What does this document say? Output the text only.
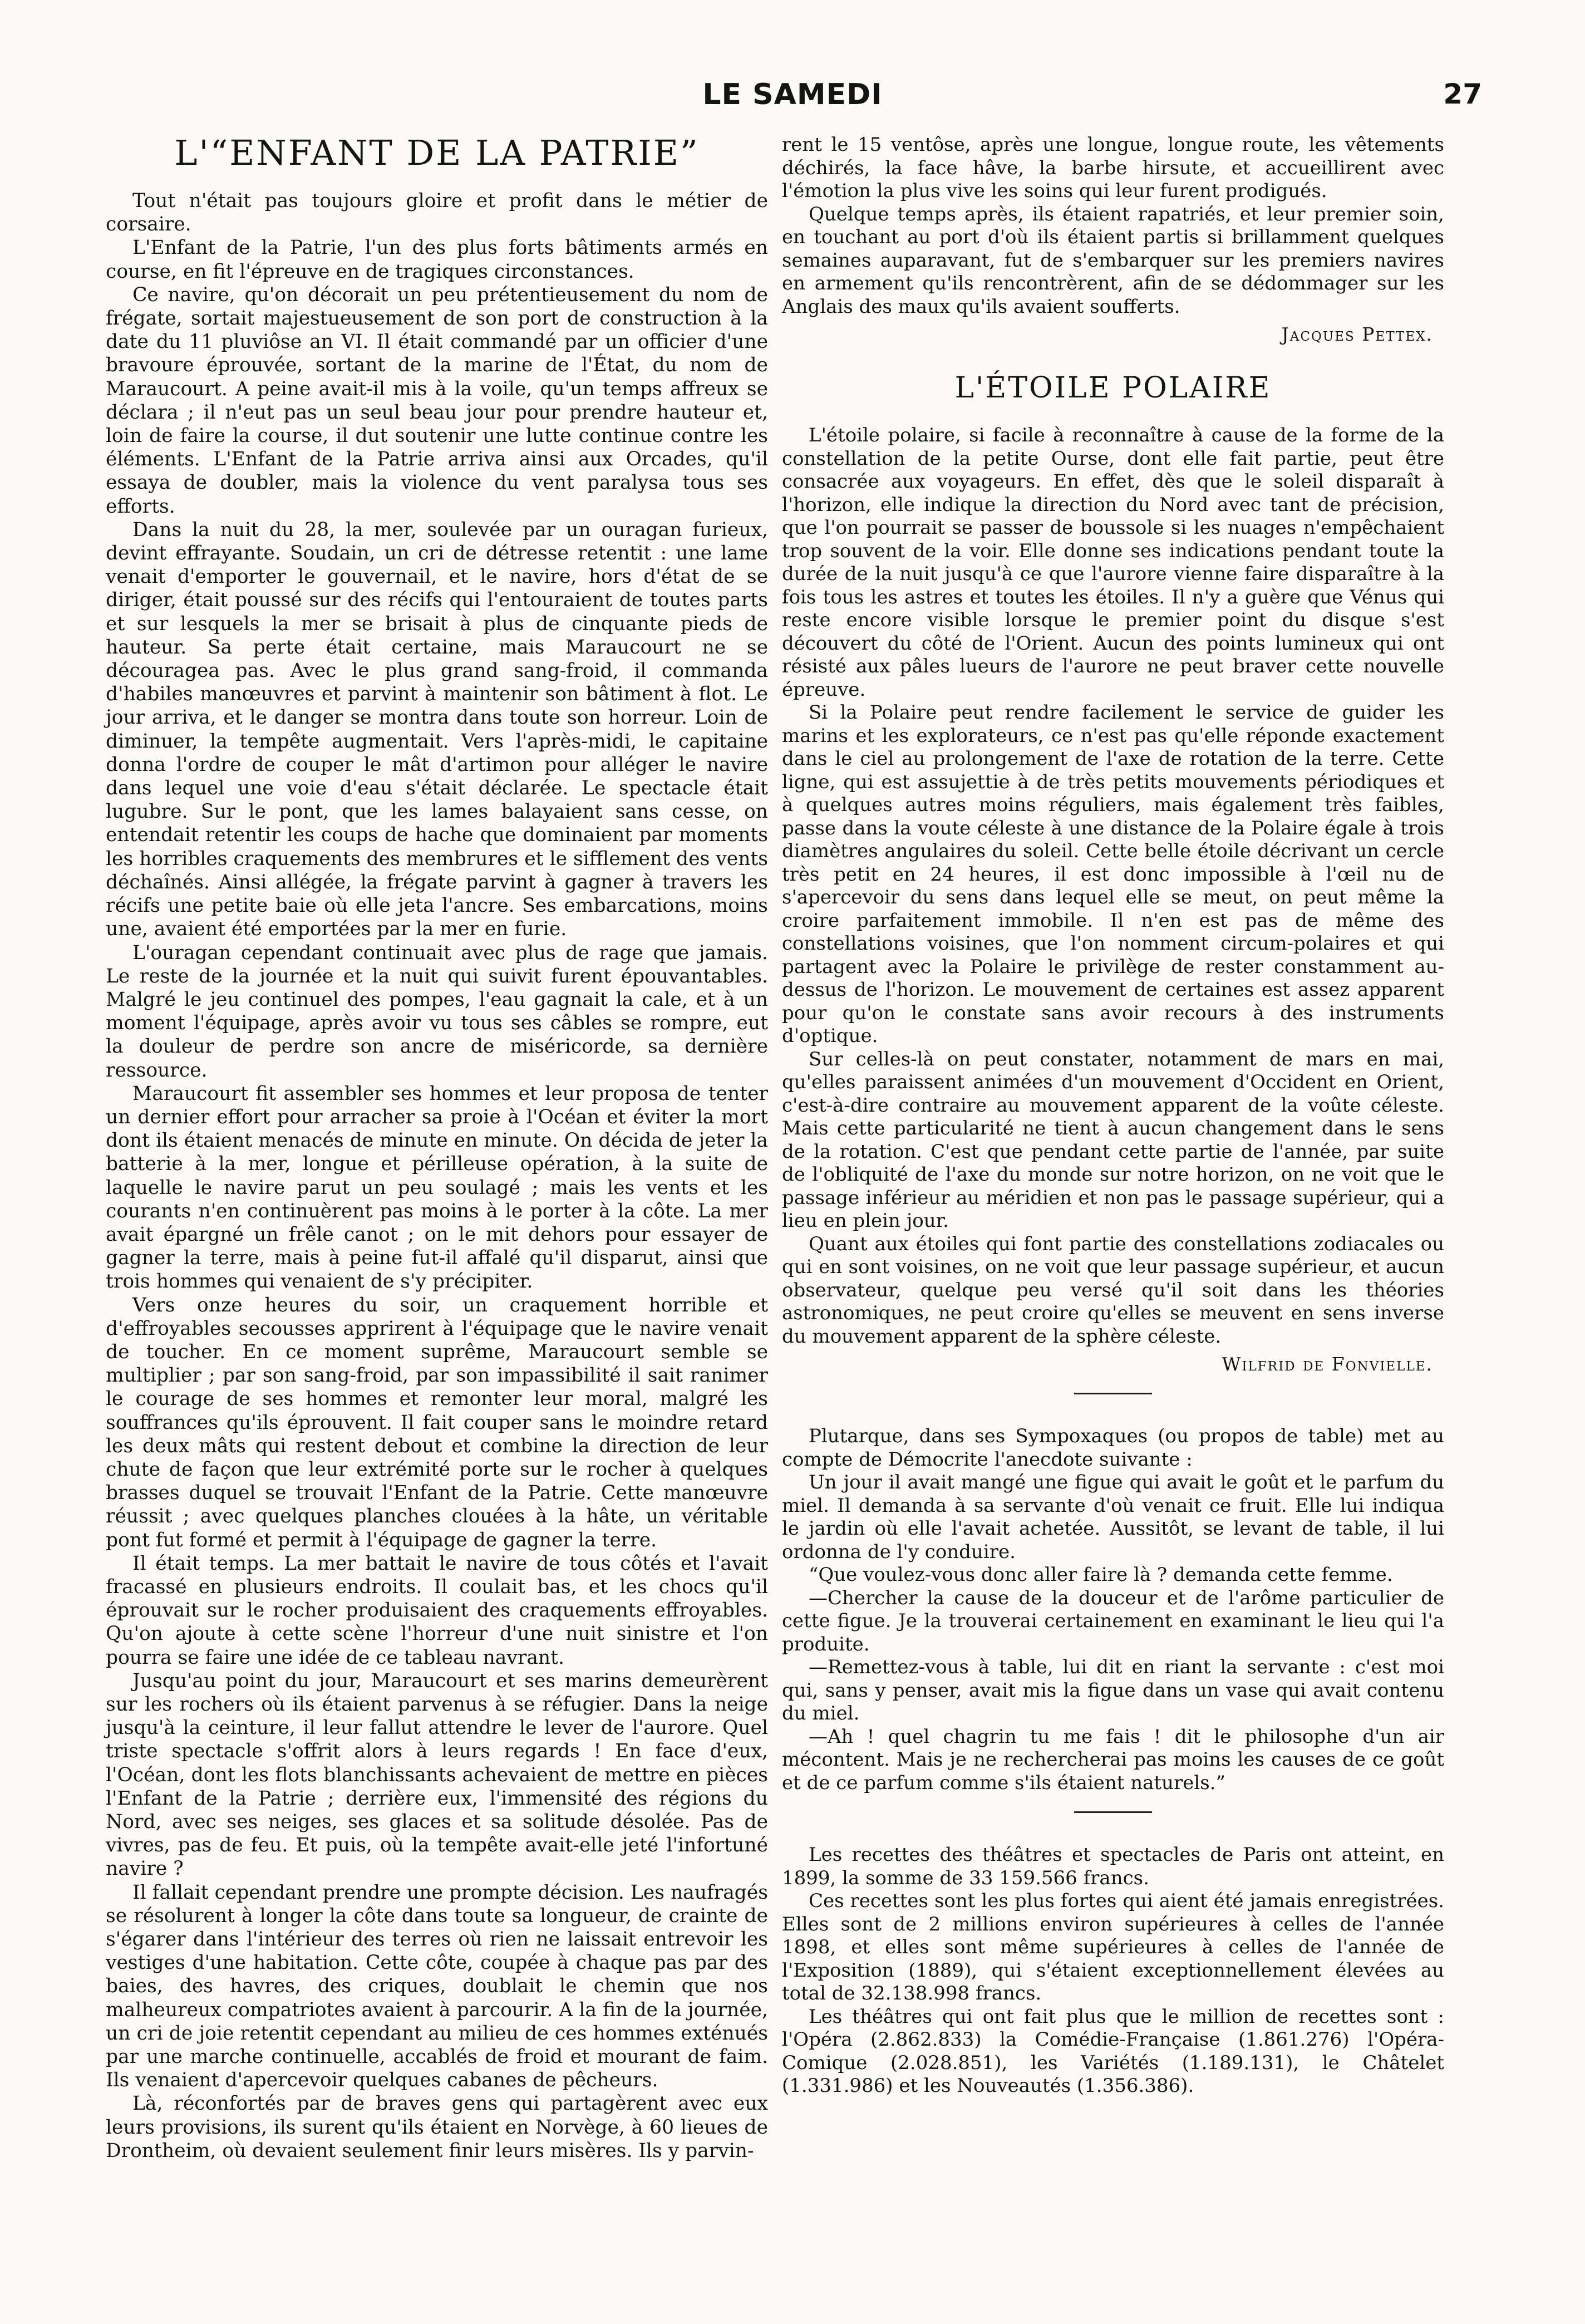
LE SAMEDI	27
L'“ENFANT DE LA PATRIE”

Tout n'était pas toujours gloire et profit dans le métier de corsaire.

L'Enfant de la Patrie, l'un des plus forts bâtiments armés en course, en fit l'épreuve en de tragiques circonstances.

Ce navire, qu'on décorait un peu prétentieusement du nom de frégate, sortait majestueusement de son port de construction à la date du 11 pluviôse an VI. Il était commandé par un officier d'une bravoure éprouvée, sortant de la marine de l'État, du nom de Maraucourt. A peine avait-il mis à la voile, qu'un temps affreux se déclara ; il n'eut pas un seul beau jour pour prendre hauteur et, loin de faire la course, il dut soutenir une lutte continue contre les éléments. L'Enfant de la Patrie arriva ainsi aux Orcades, qu'il essaya de doubler, mais la violence du vent paralysa tous ses efforts.

Dans la nuit du 28, la mer, soulevée par un ouragan furieux, devint effrayante. Soudain, un cri de détresse retentit : une lame venait d'emporter le gouvernail, et le navire, hors d'état de se diriger, était poussé sur des récifs qui l'entouraient de toutes parts et sur lesquels la mer se brisait à plus de cinquante pieds de hauteur. Sa perte était certaine, mais Maraucourt ne se découragea pas. Avec le plus grand sang-froid, il commanda d'habiles manœuvres et parvint à maintenir son bâtiment à flot. Le jour arriva, et le danger se montra dans toute son horreur. Loin de diminuer, la tempête augmentait. Vers l'après-midi, le capitaine donna l'ordre de couper le mât d'artimon pour alléger le navire dans lequel une voie d'eau s'était déclarée. Le spectacle était lugubre. Sur le pont, que les lames balayaient sans cesse, on entendait retentir les coups de hache que dominaient par moments les horribles craquements des membrures et le sifflement des vents déchaînés. Ainsi allégée, la frégate parvint à gagner à travers les récifs une petite baie où elle jeta l'ancre. Ses embarcations, moins une, avaient été emportées par la mer en furie.

L'ouragan cependant continuait avec plus de rage que jamais. Le reste de la journée et la nuit qui suivit furent épouvantables. Malgré le jeu continuel des pompes, l'eau gagnait la cale, et à un moment l'équipage, après avoir vu tous ses câbles se rompre, eut la douleur de perdre son ancre de miséricorde, sa dernière ressource.

Maraucourt fit assembler ses hommes et leur proposa de tenter un dernier effort pour arracher sa proie à l'Océan et éviter la mort dont ils étaient menacés de minute en minute. On décida de jeter la batterie à la mer, longue et périlleuse opération, à la suite de laquelle le navire parut un peu soulagé ; mais les vents et les courants n'en continuèrent pas moins à le porter à la côte. La mer avait épargné un frêle canot ; on le mit dehors pour essayer de gagner la terre, mais à peine fut-il affalé qu'il disparut, ainsi que trois hommes qui venaient de s'y précipiter.

Vers onze heures du soir, un craquement horrible et d'effroyables secousses apprirent à l'équipage que le navire venait de toucher. En ce moment suprême, Maraucourt semble se multiplier ; par son sang-froid, par son impassibilité il sait ranimer le courage de ses hommes et remonter leur moral, malgré les souffrances qu'ils éprouvent. Il fait couper sans le moindre retard les deux mâts qui restent debout et combine la direction de leur chute de façon que leur extrémité porte sur le rocher à quelques brasses duquel se trouvait l'Enfant de la Patrie. Cette manœuvre réussit ; avec quelques planches clouées à la hâte, un véritable pont fut formé et permit à l'équipage de gagner la terre.

Il était temps. La mer battait le navire de tous côtés et l'avait fracassé en plusieurs endroits. Il coulait bas, et les chocs qu'il éprouvait sur le rocher produisaient des craquements effroyables. Qu'on ajoute à cette scène l'horreur d'une nuit sinistre et l'on pourra se faire une idée de ce tableau navrant.

Jusqu'au point du jour, Maraucourt et ses marins demeurèrent sur les rochers où ils étaient parvenus à se réfugier. Dans la neige jusqu'à la ceinture, il leur fallut attendre le lever de l'aurore. Quel triste spectacle s'offrit alors à leurs regards ! En face d'eux, l'Océan, dont les flots blanchissants achevaient de mettre en pièces l'Enfant de la Patrie ; derrière eux, l'immensité des régions du Nord, avec ses neiges, ses glaces et sa solitude désolée. Pas de vivres, pas de feu. Et puis, où la tempête avait-elle jeté l'infortuné navire ?

Il fallait cependant prendre une prompte décision. Les naufragés se résolurent à longer la côte dans toute sa longueur, de crainte de s'égarer dans l'intérieur des terres où rien ne laissait entrevoir les vestiges d'une habitation. Cette côte, coupée à chaque pas par des baies, des havres, des criques, doublait le chemin que nos malheureux compatriotes avaient à parcourir. A la fin de la journée, un cri de joie retentit cependant au milieu de ces hommes exténués par une marche continuelle, accablés de froid et mourant de faim. Ils venaient d'apercevoir quelques cabanes de pêcheurs.

Là, réconfortés par de braves gens qui partagèrent avec eux leurs provisions, ils surent qu'ils étaient en Norvège, à 60 lieues de Drontheim, où devaient seulement finir leurs misères. Ils y parvin-

rent le 15 ventôse, après une longue, longue route, les vêtements déchirés, la face hâve, la barbe hirsute, et accueillirent avec l'émotion la plus vive les soins qui leur furent prodigués.

Quelque temps après, ils étaient rapatriés, et leur premier soin, en touchant au port d'où ils étaient partis si brillamment quelques semaines auparavant, fut de s'embarquer sur les premiers navires en armement qu'ils rencontrèrent, afin de se dédommager sur les Anglais des maux qu'ils avaient soufferts.

Jacques Pettex.
L'ÉTOILE POLAIRE

L'étoile polaire, si facile à reconnaître à cause de la forme de la constellation de la petite Ourse, dont elle fait partie, peut être consacrée aux voyageurs. En effet, dès que le soleil disparaît à l'horizon, elle indique la direction du Nord avec tant de précision, que l'on pourrait se passer de boussole si les nuages n'empêchaient trop souvent de la voir. Elle donne ses indications pendant toute la durée de la nuit jusqu'à ce que l'aurore vienne faire disparaître à la fois tous les astres et toutes les étoiles. Il n'y a guère que Vénus qui reste encore visible lorsque le premier point du disque s'est découvert du côté de l'Orient. Aucun des points lumineux qui ont résisté aux pâles lueurs de l'aurore ne peut braver cette nouvelle épreuve.

Si la Polaire peut rendre facilement le service de guider les marins et les explorateurs, ce n'est pas qu'elle réponde exactement dans le ciel au prolongement de l'axe de rotation de la terre. Cette ligne, qui est assujettie à de très petits mouvements périodiques et à quelques autres moins réguliers, mais également très faibles, passe dans la voute céleste à une distance de la Polaire égale à trois diamètres angulaires du soleil. Cette belle étoile décrivant un cercle très petit en 24 heures, il est donc impossible à l'œil nu de s'apercevoir du sens dans lequel elle se meut, on peut même la croire parfaitement immobile. Il n'en est pas de même des constellations voisines, que l'on nomment circum-polaires et qui partagent avec la Polaire le privilège de rester constamment au-dessus de l'horizon. Le mouvement de certaines est assez apparent pour qu'on le constate sans avoir recours à des instruments d'optique.

Sur celles-là on peut constater, notamment de mars en mai, qu'elles paraissent animées d'un mouvement d'Occident en Orient, c'est-à-dire contraire au mouvement apparent de la voûte céleste. Mais cette particularité ne tient à aucun changement dans le sens de la rotation. C'est que pendant cette partie de l'année, par suite de l'obliquité de l'axe du monde sur notre horizon, on ne voit que le passage inférieur au méridien et non pas le passage supérieur, qui a lieu en plein jour.

Quant aux étoiles qui font partie des constellations zodiacales ou qui en sont voisines, on ne voit que leur passage supérieur, et aucun observateur, quelque peu versé qu'il soit dans les théories astronomiques, ne peut croire qu'elles se meuvent en sens inverse du mouvement apparent de la sphère céleste.

Wilfrid de Fonvielle.

Plutarque, dans ses Sympoxaques (ou propos de table) met au compte de Démocrite l'anecdote suivante :

Un jour il avait mangé une figue qui avait le goût et le parfum du miel. Il demanda à sa servante d'où venait ce fruit. Elle lui indiqua le jardin où elle l'avait achetée. Aussitôt, se levant de table, il lui ordonna de l'y conduire.

“Que voulez-vous donc aller faire là ? demanda cette femme.

—Chercher la cause de la douceur et de l'arôme particulier de cette figue. Je la trouverai certainement en examinant le lieu qui l'a produite.

—Remettez-vous à table, lui dit en riant la servante : c'est moi qui, sans y penser, avait mis la figue dans un vase qui avait contenu du miel.

—Ah ! quel chagrin tu me fais ! dit le philosophe d'un air mécontent. Mais je ne rechercherai pas moins les causes de ce goût et de ce parfum comme s'ils étaient naturels.”

Les recettes des théâtres et spectacles de Paris ont atteint, en 1899, la somme de 33 159.566 francs.

Ces recettes sont les plus fortes qui aient été jamais enregistrées. Elles sont de 2 millions environ supérieures à celles de l'année 1898, et elles sont même supérieures à celles de l'année de l'Exposition (1889), qui s'étaient exceptionnellement élevées au total de 32.138.998 francs.

Les théâtres qui ont fait plus que le million de recettes sont : l'Opéra (2.862.833) la Comédie-Française (1.861.276) l'Opéra-Comique (2.028.851), les Variétés (1.189.131), le Châtelet (1.331.986) et les Nouveautés (1.356.386).
